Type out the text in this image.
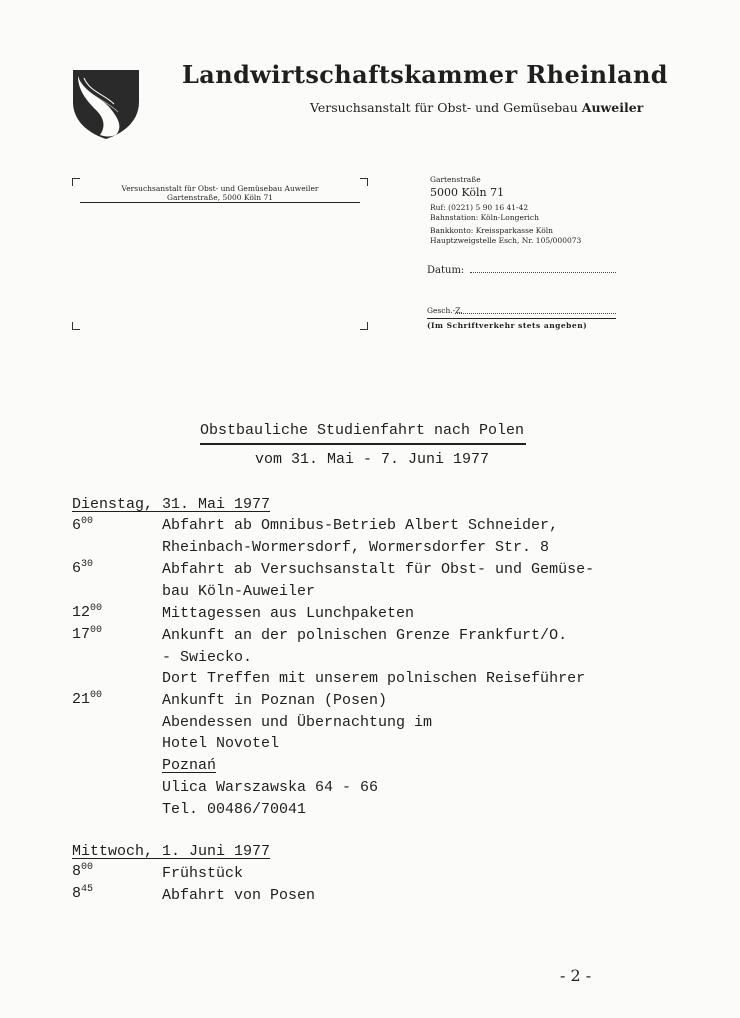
Landwirtschaftskammer Rheinland
Versuchsanstalt für Obst- und Gemüsebau Auweiler
Versuchsanstalt für Obst- und Gemüsebau Auweiler
Gartenstraße, 5000 Köln 71
Gartenstraße
5000 Köln 71
Ruf: (0221) 5 90 16 41-42
Bahnstation: Köln-Longerich
Bankkonto: Kreissparkasse Köln
Hauptzweigstelle Esch, Nr. 105/000073
Datum:
Gesch.-Z.
(Im Schriftverkehr stets angeben)
Obstbauliche Studienfahrt nach Polen
vom 31. Mai - 7. Juni 1977
Dienstag, 31. Mai 1977
$6^{00}$	Abfahrt ab Omnibus-Betrieb Albert Schneider,
Rheinbach-Wormersdorf, Wormersdorfer Str. 8
$6^{30}$	Abfahrt ab Versuchsanstalt für Obst- und Gemüse-
bau Köln-Auweiler
$12^{00}$	Mittagessen aus Lunchpaketen
$17^{00}$	Ankunft an der polnischen Grenze Frankfurt/O.
- Swiecko.
Dort Treffen mit unserem polnischen Reiseführer
$21^{00}$	Ankunft in Poznan (Posen)
Abendessen und Übernachtung im
Hotel Novotel
Poznań
Ulica Warszawska 64 - 66
Tel. 00486/70041
Mittwoch, 1. Juni 1977
$8^{00}$	Frühstück
$8^{45}$	Abfahrt von Posen
- 2 -
